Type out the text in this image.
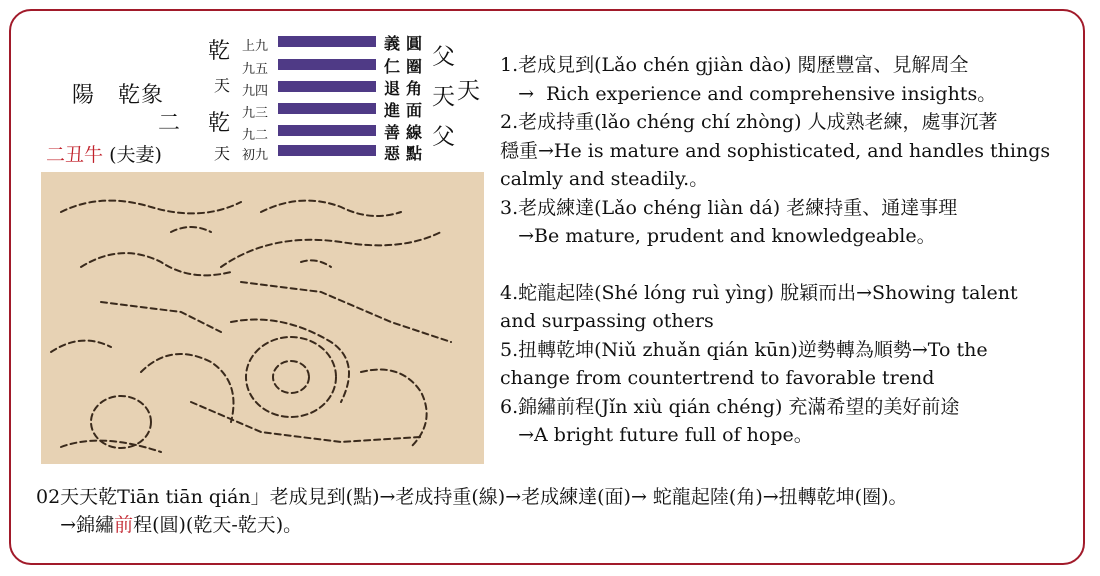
陽　乾象
二
二丑牛 (夫妻)
乾
天
乾
天
上九
九五
九四
九三
九二
初九
義
仁
退
進
善
惡
圓
圈
角
面
線
點
父
天
父
天

1.老成見到(Lǎo chén gjiàn dào) 閱歷豐富、見解周全

→  Rich experience and comprehensive insights。

2.老成持重(lǎo chéng chí zhòng) 人成熟老練，處事沉著

穩重→He is mature and sophisticated, and handles things

calmly and steadily.。

3.老成練達(Lǎo chéng liàn dá) 老練持重、通達事理

→Be mature, prudent and knowledgeable。

4.蛇龍起陸(Shé lóng ruì yìng) 脫穎而出→Showing talent

and surpassing others

5.扭轉乾坤(Niǔ zhuǎn qián kūn)逆勢轉為順勢→To the

change from countertrend to favorable trend

6.錦繡前程(Jǐn xiù qián chéng) 充滿希望的美好前途

→A bright future full of hope。

02天天乾Tiān tiān qián」老成見到(點)→老成持重(線)→老成練達(面)→ 蛇龍起陸(角)→扭轉乾坤(圈)。

→錦繡前程(圓)(乾天-乾天)。
